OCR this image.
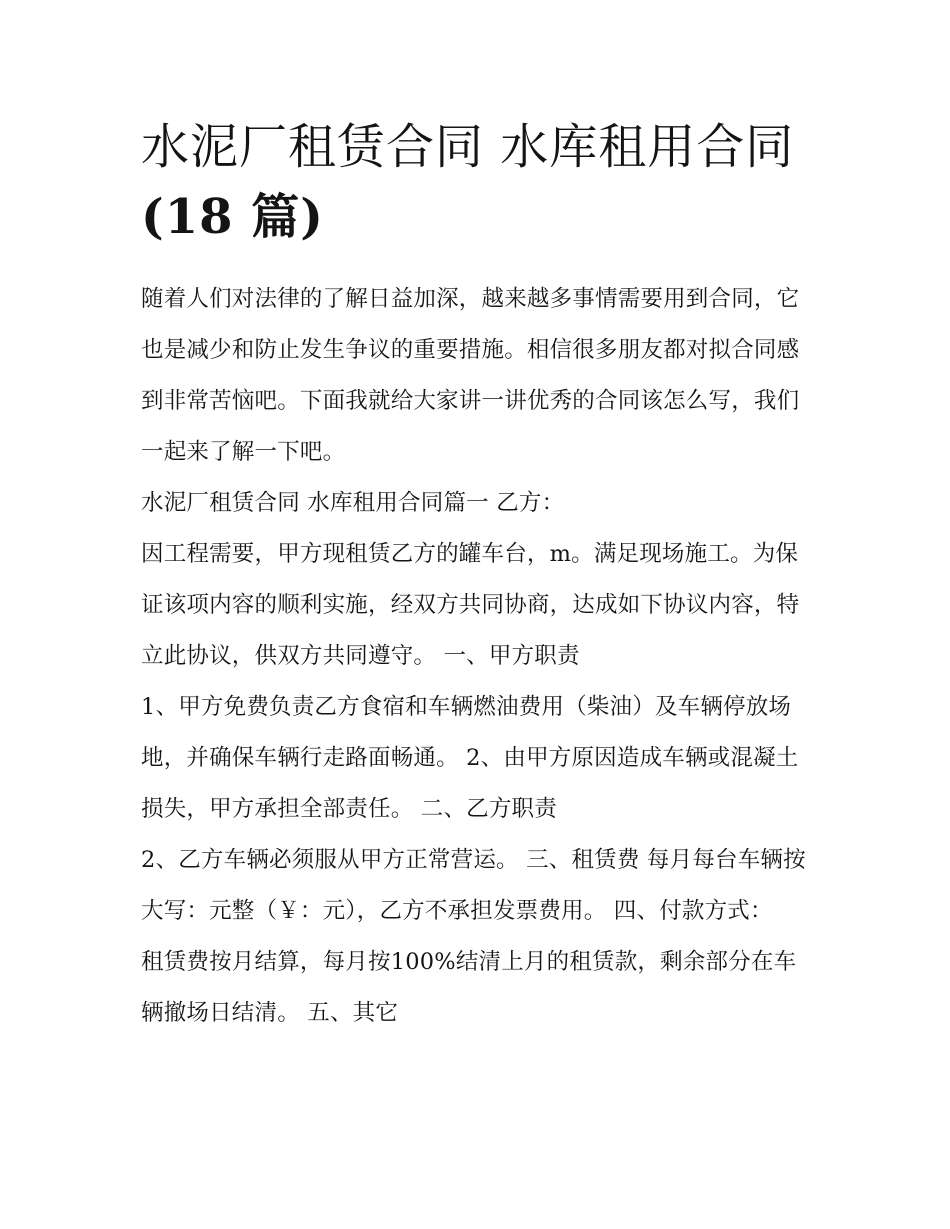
水泥厂租赁合同 水库租用合同
(18 篇)

随着人们对法律的了解日益加深，越来越多事情需要用到合同，它也是减少和防止发生争议的重要措施。相信很多朋友都对拟合同感到非常苦恼吧。下面我就给大家讲一讲优秀的合同该怎么写，我们一起来了解一下吧。

水泥厂租赁合同 水库租用合同篇一 乙方：

因工程需要，甲方现租赁乙方的罐车台，m。满足现场施工。为保证该项内容的顺利实施，经双方共同协商，达成如下协议内容，特立此协议，供双方共同遵守。 一、甲方职责

1、甲方免费负责乙方食宿和车辆燃油费用（柴油）及车辆停放场地，并确保车辆行走路面畅通。 2、由甲方原因造成车辆或混凝土损失，甲方承担全部责任。 二、乙方职责

2、乙方车辆必须服从甲方正常营运。 三、租赁费 每月每台车辆按大写：元整（￥：元），乙方不承担发票费用。 四、付款方式：

租赁费按月结算，每月按100%结清上月的租赁款，剩余部分在车辆撤场日结清。 五、其它
